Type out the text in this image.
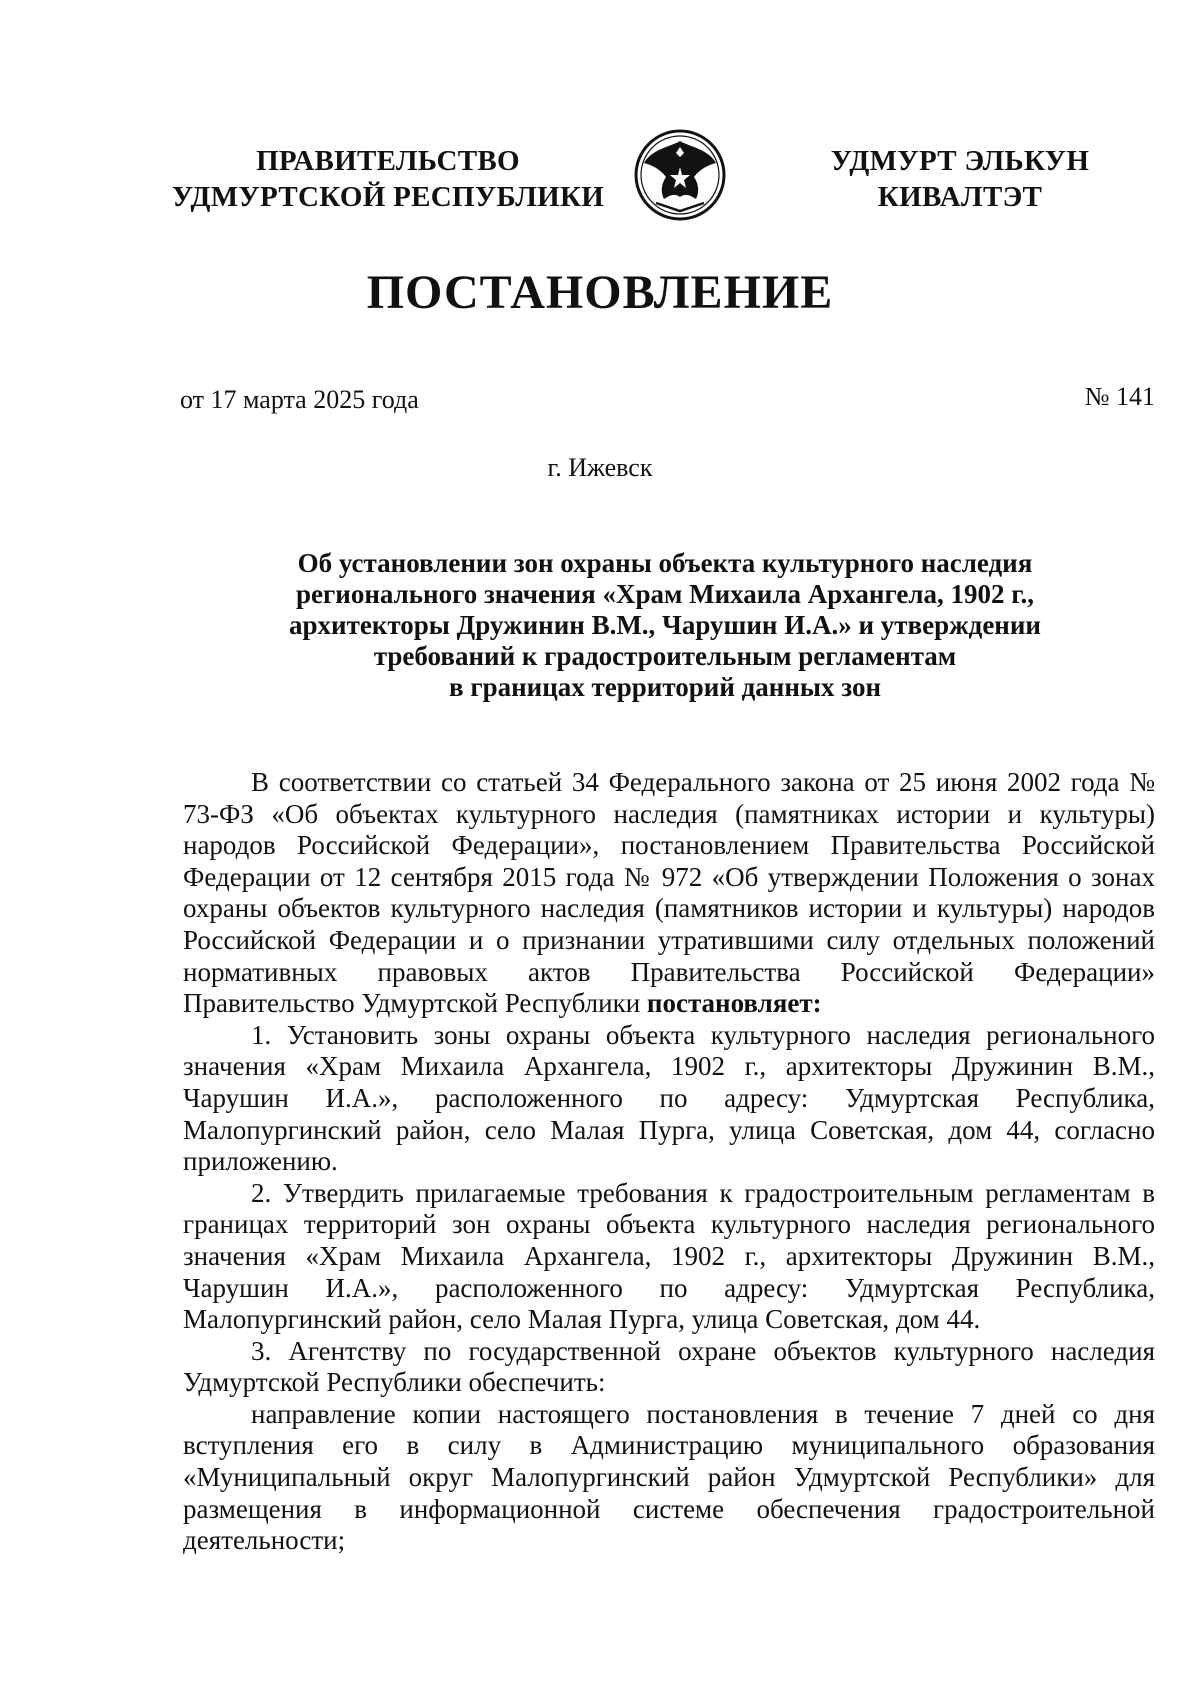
ПРАВИТЕЛЬСТВО
УДМУРТСКОЙ РЕСПУБЛИКИ
УДМУРТ ЭЛЬКУН
КИВАЛТЭТ
ПОСТАНОВЛЕНИЕ
от 17 марта 2025 года	№ 141
г. Ижевск
Об установлении зон охраны объекта культурного наследия
регионального значения «Храм Михаила Архангела, 1902 г.,
архитекторы Дружинин В.М., Чарушин И.А.» и утверждении
требований к градостроительным регламентам
в границах территорий данных зон

В соответствии со статьей 34 Федерального закона от 25 июня 2002 года № 73-ФЗ «Об объектах культурного наследия (памятниках истории и культуры) народов Российской Федерации», постановлением Правительства Российской Федерации от 12 сентября 2015 года № 972 «Об утверждении Положения о зонах охраны объектов культурного наследия (памятников истории и культуры) народов Российской Федерации и о признании утратившими силу отдельных положений нормативных правовых актов Правительства Российской Федерации» Правительство Удмуртской Республики постановляет:

1. Установить зоны охраны объекта культурного наследия регионального значения «Храм Михаила Архангела, 1902 г., архитекторы Дружинин В.М., Чарушин И.А.», расположенного по адресу: Удмуртская Республика, Малопургинский район, село Малая Пурга, улица Советская, дом 44, согласно приложению.

2. Утвердить прилагаемые требования к градостроительным регламентам в границах территорий зон охраны объекта культурного наследия регионального значения «Храм Михаила Архангела, 1902 г., архитекторы Дружинин В.М., Чарушин И.А.», расположенного по адресу: Удмуртская Республика, Малопургинский район, село Малая Пурга, улица Советская, дом 44.

3. Агентству по государственной охране объектов культурного наследия Удмуртской Республики обеспечить:

направление копии настоящего постановления в течение 7 дней со дня вступления его в силу в Администрацию муниципального образования «Муниципальный округ Малопургинский район Удмуртской Республики» для размещения в информационной системе обеспечения градостроительной деятельности;
